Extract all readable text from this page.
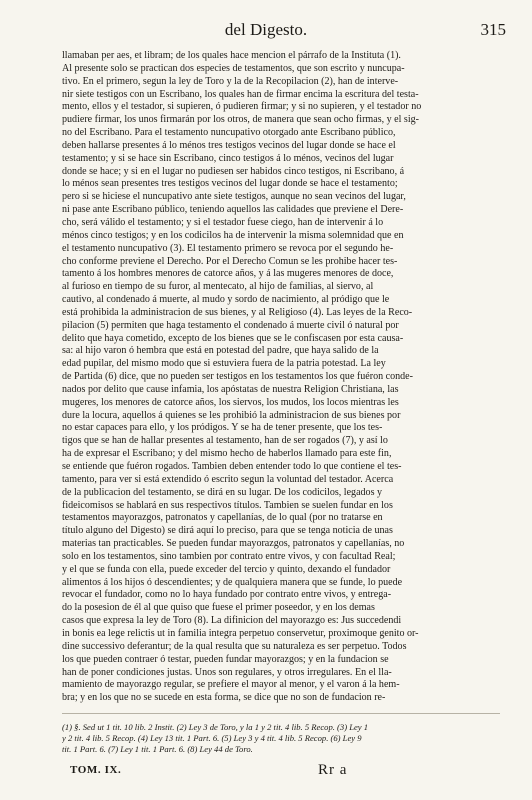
del Digesto.	315
llamaban per aes, et libram; de los quales hace mencion el párrafo de la Instituta (1).
Al presente solo se practican dos especies de testamentos, que son escrito y nuncupa-
tivo. En el primero, segun la ley de Toro y la de la Recopilacion (2), han de interve-
nir siete testigos con un Escribano, los quales han de firmar encima la escritura del testa-
mento, ellos y el testador, si supieren, ó pudieren firmar; y si no supieren, y el testador no
pudiere firmar, los unos firmarán por los otros, de manera que sean ocho firmas, y el sig-
no del Escribano. Para el testamento nuncupativo otorgado ante Escribano público,
deben hallarse presentes á lo ménos tres testigos vecinos del lugar donde se hace el
testamento; y si se hace sin Escribano, cinco testigos á lo ménos, vecinos del lugar
donde se hace; y si en el lugar no pudiesen ser habidos cinco testigos, ni Escribano, á
lo ménos sean presentes tres testigos vecinos del lugar donde se hace el testamento;
pero si se hiciese el nuncupativo ante siete testigos, aunque no sean vecinos del lugar,
ni pase ante Escribano público, teniendo aquellos las calidades que previene el Dere-
cho, será válido el testamento; y si el testador fuese ciego, han de intervenir á lo
ménos cinco testigos; y en los codicilos ha de intervenir la misma solemnidad que en
el testamento nuncupativo (3). El testamento primero se revoca por el segundo he-
cho conforme previene el Derecho. Por el Derecho Comun se les prohibe hacer tes-
tamento á los hombres menores de catorce años, y á las mugeres menores de doce,
al furioso en tiempo de su furor, al mentecato, al hijo de familias, al siervo, al
cautivo, al condenado á muerte, al mudo y sordo de nacimiento, al pródigo que le
está prohibida la administracion de sus bienes, y al Religioso (4). Las leyes de la Reco-
pilacion (5) permiten que haga testamento el condenado á muerte civil ó natural por
delito que haya cometido, excepto de los bienes que se le confiscasen por esta causa-
sa: al hijo varon ó hembra que está en potestad del padre, que haya salido de la
edad pupilar, del mismo modo que si estuviera fuera de la patria potestad. La ley
de Partida (6) dice, que no pueden ser testigos en los testamentos los que fuéron conde-
nados por delito que cause infamia, los apóstatas de nuestra Religion Christiana, las
mugeres, los menores de catorce años, los siervos, los mudos, los locos mientras les
dure la locura, aquellos á quienes se les prohibió la administracion de sus bienes por
no estar capaces para ello, y los pródigos. Y se ha de tener presente, que los tes-
tigos que se han de hallar presentes al testamento, han de ser rogados (7), y así lo
ha de expresar el Escribano; y del mismo hecho de haberlos llamado para este fin,
se entiende que fuéron rogados. Tambien deben entender todo lo que contiene el tes-
tamento, para ver si está extendido ó escrito segun la voluntad del testador. Acerca
de la publicacion del testamento, se dirá en su lugar. De los codicilos, legados y
fideicomisos se hablará en sus respectivos títulos. Tambien se suelen fundar en los
testamentos mayorazgos, patronatos y capellanías, de lo qual (por no tratarse en
título alguno del Digesto) se dirá aquí lo preciso, para que se tenga noticia de unas
materias tan practicables. Se pueden fundar mayorazgos, patronatos y capellanías, no
solo en los testamentos, sino tambien por contrato entre vivos, y con facultad Real;
y el que se funda con ella, puede exceder del tercio y quinto, dexando el fundador
alimentos á los hijos ó descendientes; y de qualquiera manera que se funde, lo puede
revocar el fundador, como no lo haya fundado por contrato entre vivos, y entrega-
do la posesion de él al que quiso que fuese el primer poseedor, y en los demas
casos que expresa la ley de Toro (8). La difinicion del mayorazgo es: Jus succedendi
in bonis ea lege relictis ut in familia integra perpetuo conservetur, proximoque genito or-
dine successivo deferantur; de la qual resulta que su naturaleza es ser perpetuo. Todos
los que pueden contraer ó testar, pueden fundar mayorazgos; y en la fundacion se
han de poner condiciones justas. Unos son regulares, y otros irregulares. En el lla-
mamiento de mayorazgo regular, se prefiere el mayor al menor, y el varon á la hem-
bra; y en los que no se sucede en esta forma, se dice que no son de fundacion re-
(1) §. Sed ut 1 tit. 10 lib. 2 Instit. (2) Ley 3 de Toro, y la 1 y 2 tit. 4 lib. 5 Recop. (3) Ley 1
y 2 tit. 4 lib. 5 Recop. (4) Ley 13 tit. 1 Part. 6. (5) Ley 3 y 4 tit. 4 lib. 5 Recop. (6) Ley 9
tit. 1 Part. 6. (7) Ley 1 tit. 1 Part. 6. (8) Ley 44 de Toro.
TOM. IX.	Rr a
